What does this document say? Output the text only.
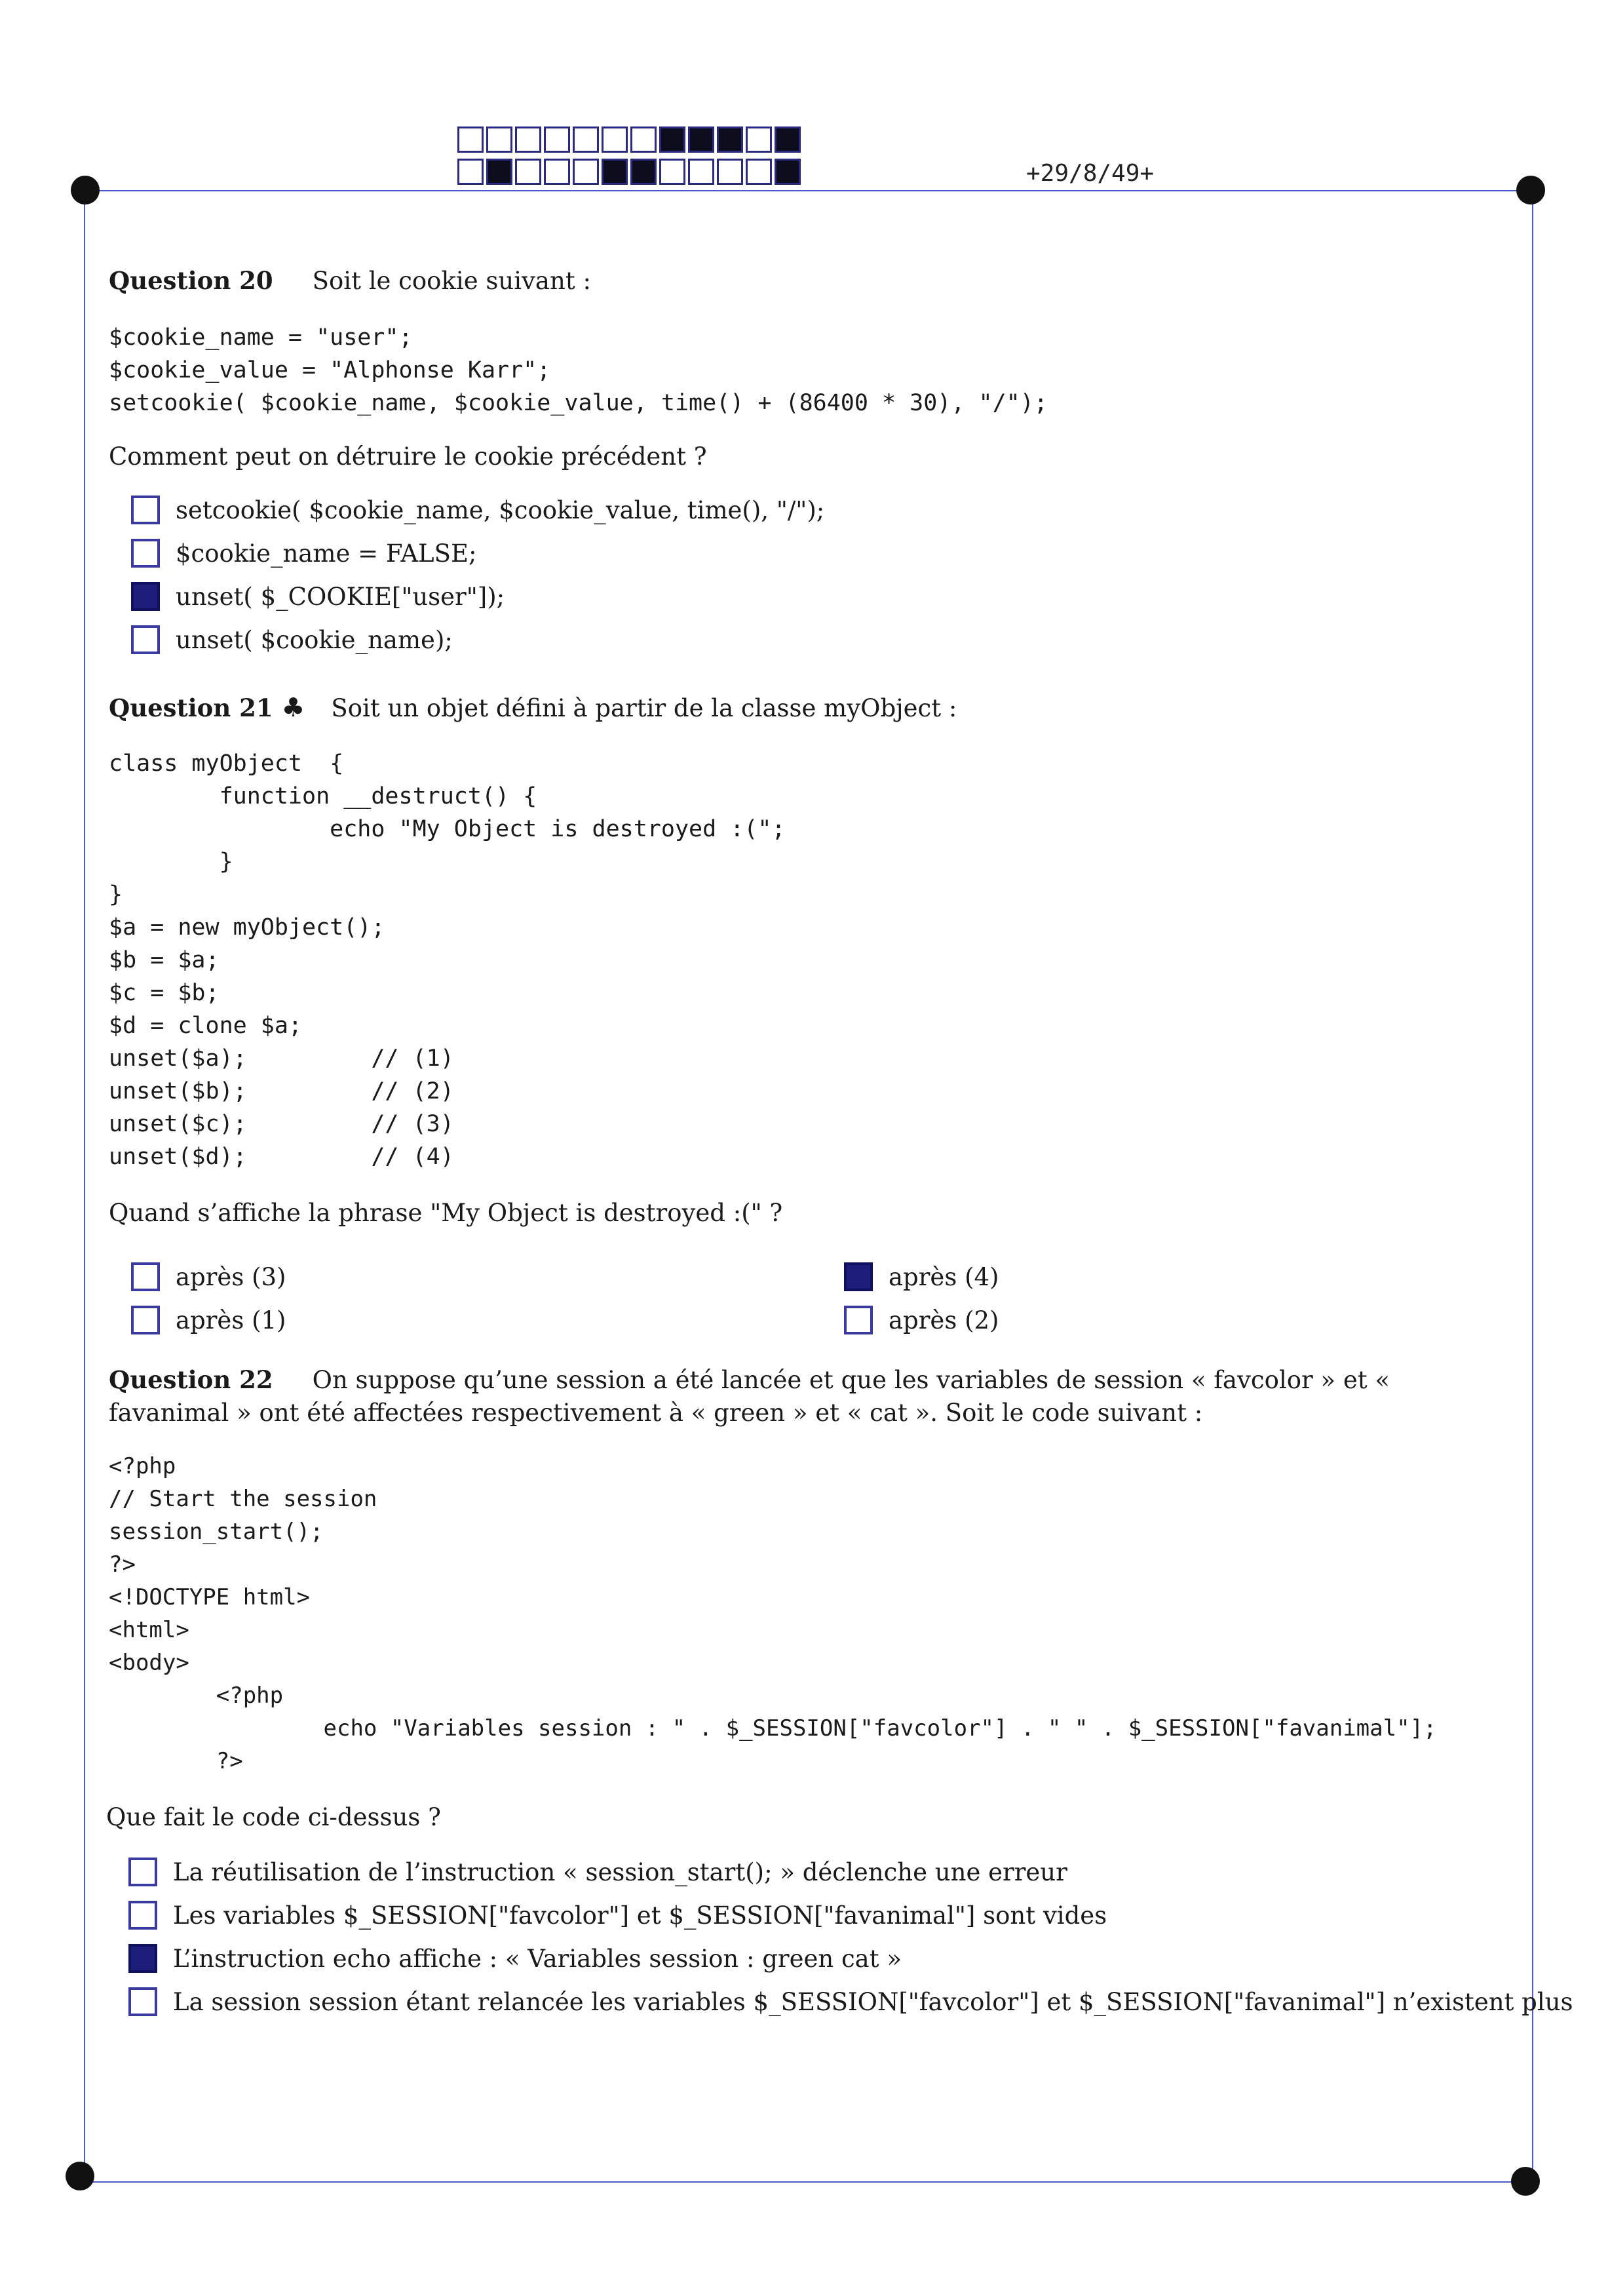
+29/8/49+
Question 20 Soit le cookie suivant :
$cookie_name = "user";
$cookie_value = "Alphonse Karr";
setcookie( $cookie_name, $cookie_value, time() + (86400 * 30), "/");
Comment peut on détruire le cookie précédent ?
setcookie( $cookie_name, $cookie_value, time(), "/");
$cookie_name = FALSE;
unset( $_COOKIE["user"]);
unset( $cookie_name);
Question 21 ♣ Soit un objet défini à partir de la classe myObject :
class myObject  {
function __destruct() {
echo "My Object is destroyed :(";
}
}
$a = new myObject();
$b = $a;
$c = $b;
$d = clone $a;
unset($a);         // (1)
unset($b);         // (2)
unset($c);         // (3)
unset($d);         // (4)
Quand s’affiche la phrase "My Object is destroyed :(" ?
après (3)	après (4)
après (1)	après (2)
Question 22 On suppose qu’une session a été lancée et que les variables de session « favcolor » et « favanimal » ont été affectées respectivement à « green » et « cat ». Soit le code suivant :
<?php
// Start the session
session_start();
?>
<!DOCTYPE html>
<html>
<body>
<?php
echo "Variables session : " . $_SESSION["favcolor"] . " " . $_SESSION["favanimal"];
?>
Que fait le code ci-dessus ?
La réutilisation de l’instruction « session_start(); » déclenche une erreur
Les variables $_SESSION["favcolor"] et $_SESSION["favanimal"] sont vides
L’instruction echo affiche : « Variables session : green cat »
La session session étant relancée les variables $_SESSION["favcolor"] et $_SESSION["favanimal"] n’existent plus
